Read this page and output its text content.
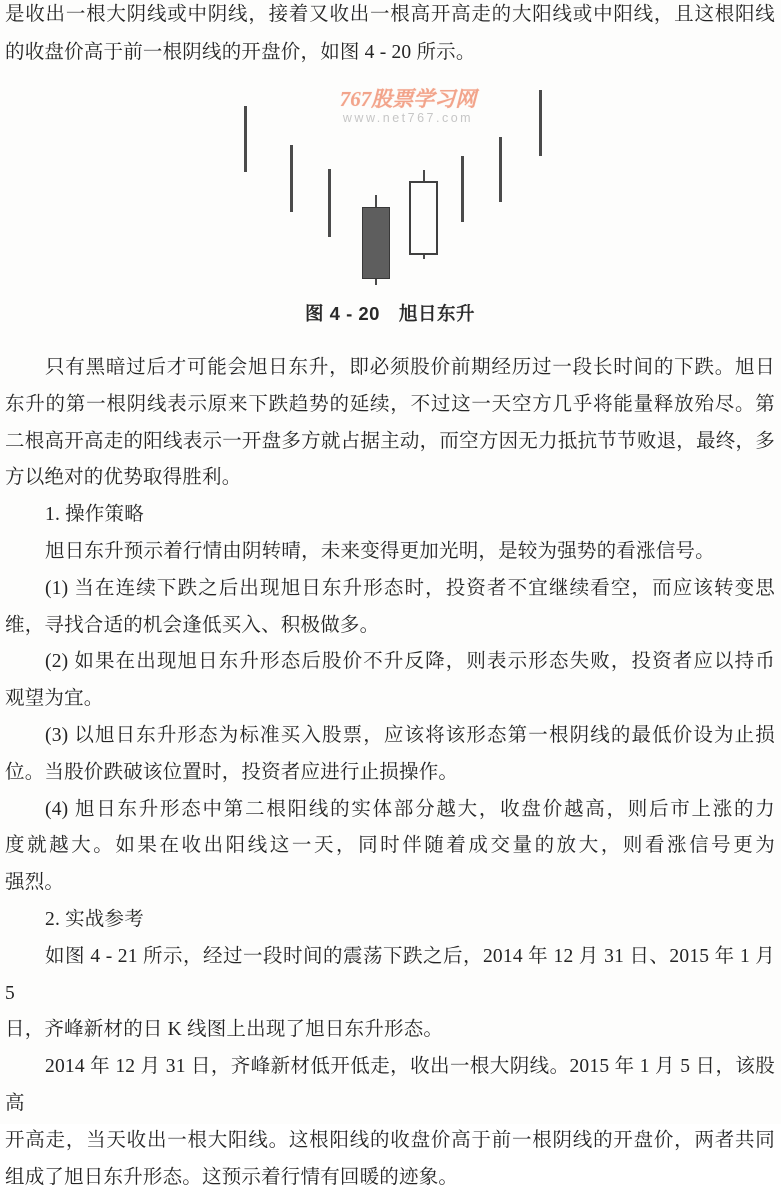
是收出一根大阴线或中阴线，接着又收出一根高开高走的大阳线或中阳线，且这根阳线
的收盘价高于前一根阴线的开盘价，如图 4 - 20 所示。
767股票学习网
www.net767.com
图 4 - 20　旭日东升
只有黑暗过后才可能会旭日东升，即必须股价前期经历过一段长时间的下跌。旭日
东升的第一根阴线表示原来下跌趋势的延续，不过这一天空方几乎将能量释放殆尽。第
二根高开高走的阳线表示一开盘多方就占据主动，而空方因无力抵抗节节败退，最终，多
方以绝对的优势取得胜利。
1. 操作策略
旭日东升预示着行情由阴转晴，未来变得更加光明，是较为强势的看涨信号。
(1) 当在连续下跌之后出现旭日东升形态时，投资者不宜继续看空，而应该转变思
维，寻找合适的机会逢低买入、积极做多。
(2) 如果在出现旭日东升形态后股价不升反降，则表示形态失败，投资者应以持币
观望为宜。
(3) 以旭日东升形态为标准买入股票，应该将该形态第一根阴线的最低价设为止损
位。当股价跌破该位置时，投资者应进行止损操作。
(4) 旭日东升形态中第二根阳线的实体部分越大，收盘价越高，则后市上涨的力
度就越大。如果在收出阳线这一天，同时伴随着成交量的放大，则看涨信号更为
强烈。
2. 实战参考
如图 4 - 21 所示，经过一段时间的震荡下跌之后，2014 年 12 月 31 日、2015 年 1 月 5
日，齐峰新材的日 K 线图上出现了旭日东升形态。
2014 年 12 月 31 日，齐峰新材低开低走，收出一根大阴线。2015 年 1 月 5 日，该股高
开高走，当天收出一根大阳线。这根阳线的收盘价高于前一根阴线的开盘价，两者共同
组成了旭日东升形态。这预示着行情有回暖的迹象。
